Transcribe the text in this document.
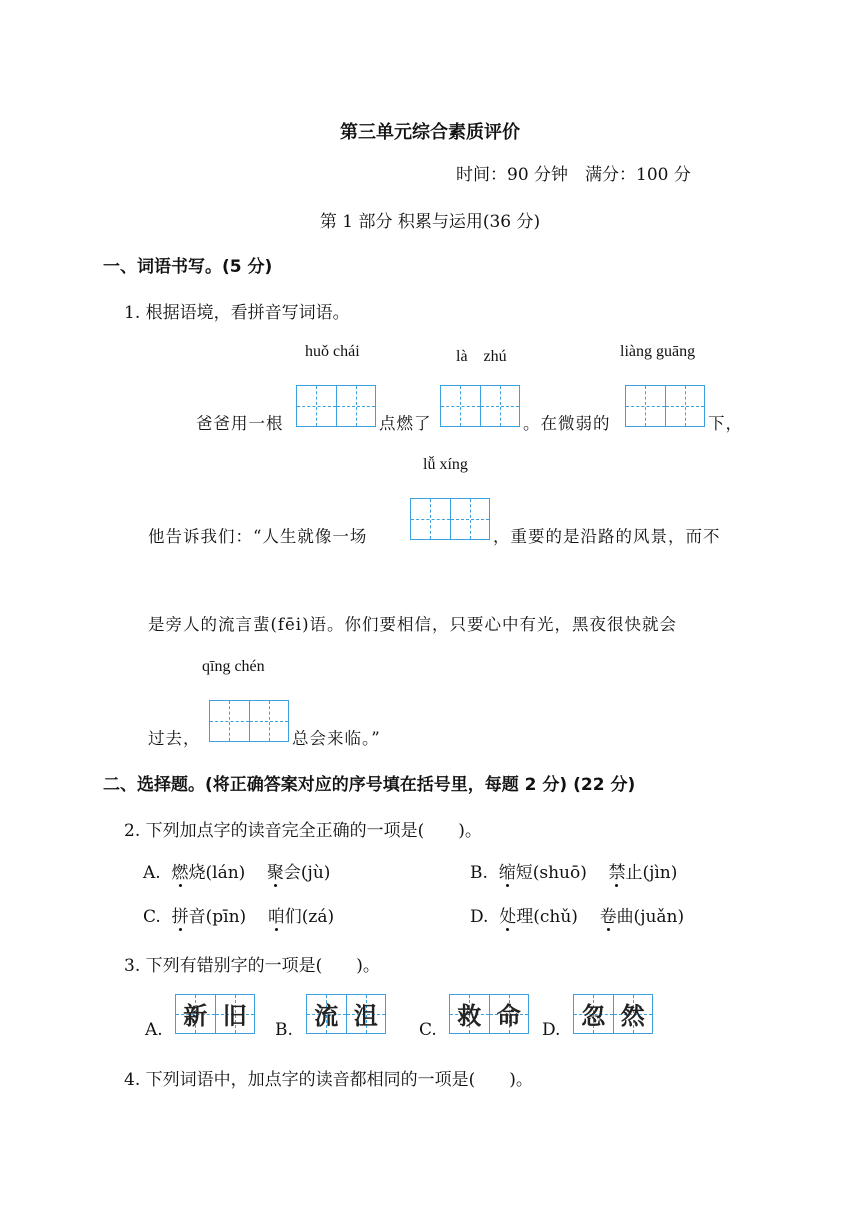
第三单元综合素质评价
时间：90 分钟　满分：100 分
第 1 部分 积累与运用(36 分)
一、词语书写。(5 分)
1. 根据语境，看拼音写词语。
huǒ chái	là　zhú	liàng guāng
爸爸用一根	点燃了	。在微弱的	下，
lǚ xíng
他告诉我们：“人生就像一场	，重要的是沿路的风景，而不
是旁人的流言蜚(fēi)语。你们要相信，只要心中有光，黑夜很快就会
qīng chén
过去，	总会来临。”
二、选择题。(将正确答案对应的序号填在括号里，每题 2 分) (22 分)
2. 下列加点字的读音完全正确的一项是(　　)。
A. 燃烧(lán) 聚会(jù)	B. 缩短(shuō) 禁止(jìn)
C. 拼音(pīn) 咱们(zá)	D. 处理(chǔ) 卷曲(juǎn)
3. 下列有错别字的一项是(　　)。
A.
新 旧
B.
流 沮
C.
救 命
D.
忽 然
4. 下列词语中，加点字的读音都相同的一项是(　　)。
